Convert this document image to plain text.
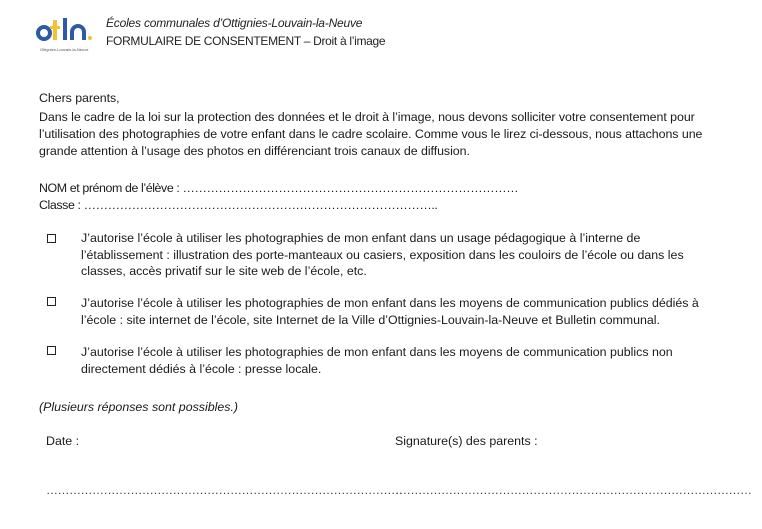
Ottignies-Louvain-la-Neuve
Écoles communales d’Ottignies-Louvain-la-Neuve
FORMULAIRE DE CONSENTEMENT – Droit à l’image
Chers parents,
Dans le cadre de la loi sur la protection des données et le droit à l’image, nous devons solliciter votre consentement pour
l’utilisation des photographies de votre enfant dans le cadre scolaire. Comme vous le lirez ci-dessous, nous attachons une
grande attention à l’usage des photos en différenciant trois canaux de diffusion.
NOM et prénom de l’élève : …………………………………………………………………………
Classe : ……………………………………………………………………………..
J’autorise l’école à utiliser les photographies de mon enfant dans un usage pédagogique à l’interne de
l’établissement : illustration des porte-manteaux ou casiers, exposition dans les couloirs de l’école ou dans les
classes, accès privatif sur le site web de l’école, etc.
J’autorise l’école à utiliser les photographies de mon enfant dans les moyens de communication publics dédiés à
l’école : site internet de l’école, site Internet de la Ville d’Ottignies-Louvain-la-Neuve et Bulletin communal.
J’autorise l’école à utiliser les photographies de mon enfant dans les moyens de communication publics non
directement dédiés à l’école : presse locale.
(Plusieurs réponses sont possibles.)
Date :	Signature(s) des parents :
…………………………………………………………………………………
…………………………………………………………………………………
